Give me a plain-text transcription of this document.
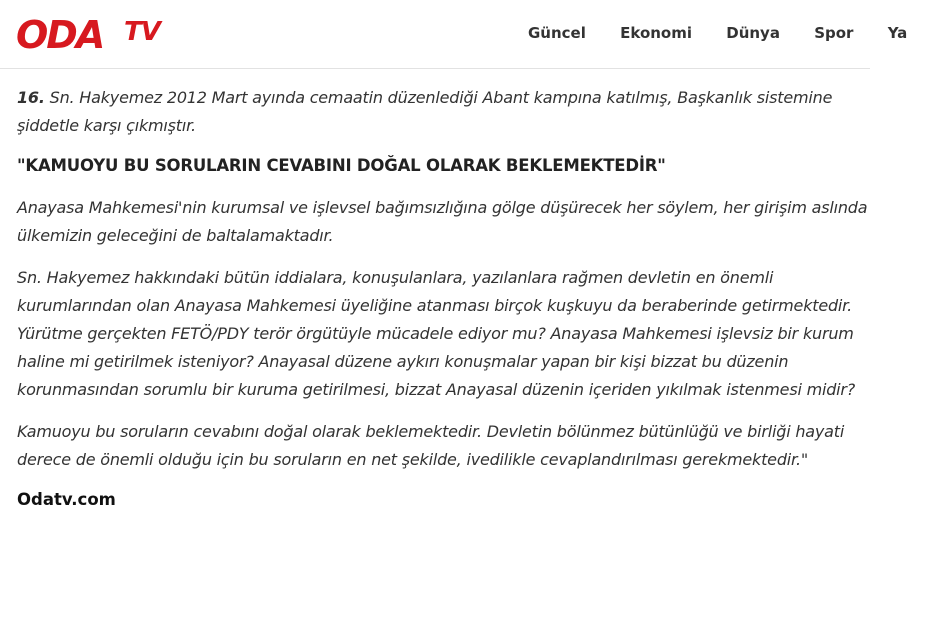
ODA TV	Güncel Ekonomi Dünya Spor Ya

16. Sn. Hakyemez 2012 Mart ayında cemaatin düzenlediği Abant kampına katılmış, Başkanlık sistemine şiddetle karşı çıkmıştır.

"KAMUOYU BU SORULARIN CEVABINI DOĞAL OLARAK BEKLEMEKTEDİR"

Anayasa Mahkemesi'nin kurumsal ve işlevsel bağımsızlığına gölge düşürecek her söylem, her girişim aslında ülkemizin geleceğini de baltalamaktadır.

Sn. Hakyemez hakkındaki bütün iddialara, konuşulanlara, yazılanlara rağmen devletin en önemli kurumlarından olan Anayasa Mahkemesi üyeliğine atanması birçok kuşkuyu da beraberinde getirmektedir. Yürütme gerçekten FETÖ/PDY terör örgütüyle mücadele ediyor mu? Anayasa Mahkemesi işlevsiz bir kurum haline mi getirilmek isteniyor? Anayasal düzene aykırı konuşmalar yapan bir kişi bizzat bu düzenin korunmasından sorumlu bir kuruma getirilmesi, bizzat Anayasal düzenin içeriden yıkılmak istenmesi midir?

Kamuoyu bu soruların cevabını doğal olarak beklemektedir. Devletin bölünmez bütünlüğü ve birliği hayati derece de önemli olduğu için bu soruların en net şekilde, ivedilikle cevaplandırılması gerekmektedir."

Odatv.com
